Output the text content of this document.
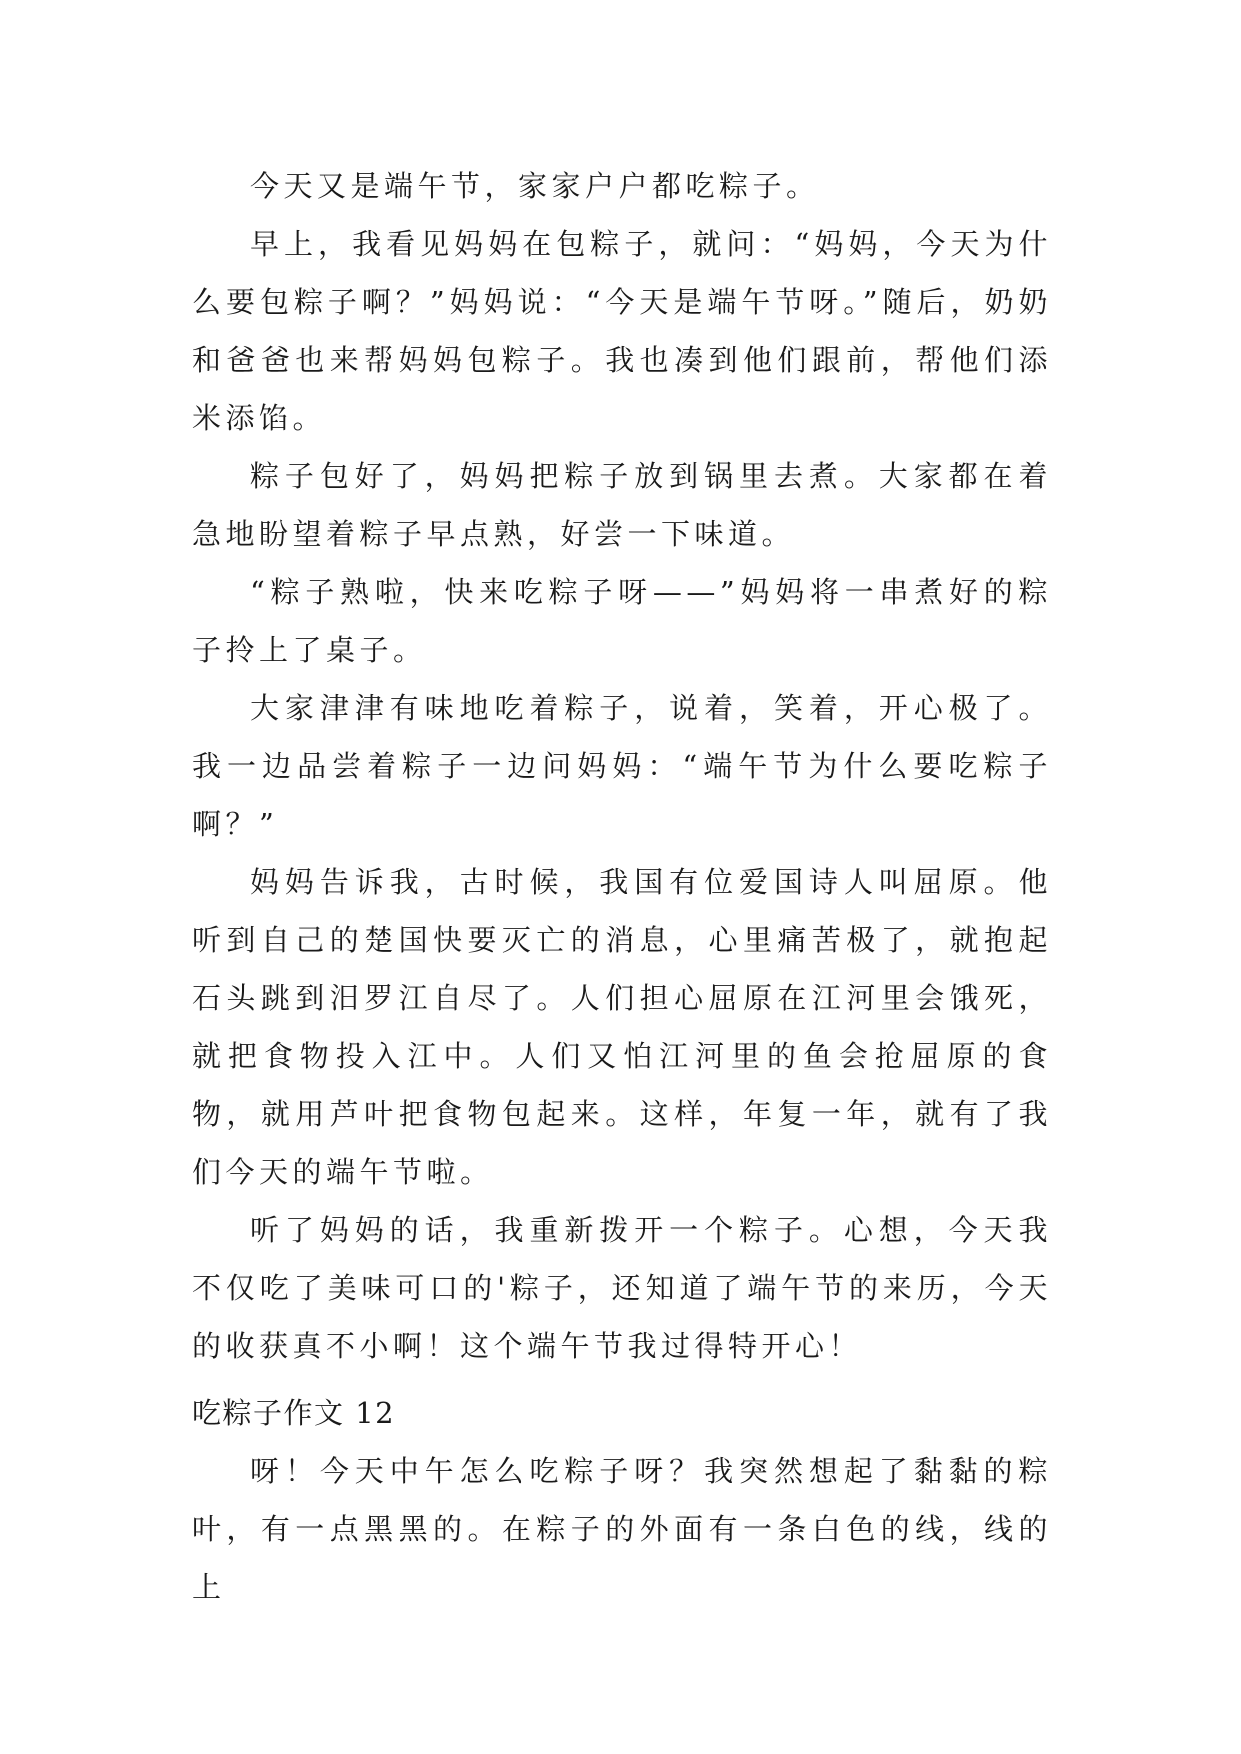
今天又是端午节，家家户户都吃粽子。

早上，我看见妈妈在包粽子，就问：“妈妈，今天为什么要包粽子啊？”妈妈说：“今天是端午节呀。”随后，奶奶和爸爸也来帮妈妈包粽子。我也凑到他们跟前，帮他们添米添馅。

粽子包好了，妈妈把粽子放到锅里去煮。大家都在着急地盼望着粽子早点熟，好尝一下味道。

“粽子熟啦，快来吃粽子呀——”妈妈将一串煮好的粽子拎上了桌子。

大家津津有味地吃着粽子，说着，笑着，开心极了。我一边品尝着粽子一边问妈妈：“端午节为什么要吃粽子啊？”

妈妈告诉我，古时候，我国有位爱国诗人叫屈原。他听到自己的楚国快要灭亡的消息，心里痛苦极了，就抱起石头跳到汨罗江自尽了。人们担心屈原在江河里会饿死，就把食物投入江中。人们又怕江河里的鱼会抢屈原的食物，就用芦叶把食物包起来。这样，年复一年，就有了我们今天的端午节啦。

听了妈妈的话，我重新拨开一个粽子。心想，今天我不仅吃了美味可口的'粽子，还知道了端午节的来历，今天的收获真不小啊！这个端午节我过得特开心！

吃粽子作文 12

呀！今天中午怎么吃粽子呀？我突然想起了黏黏的粽叶，有一点黑黑的。在粽子的外面有一条白色的线，线的上
